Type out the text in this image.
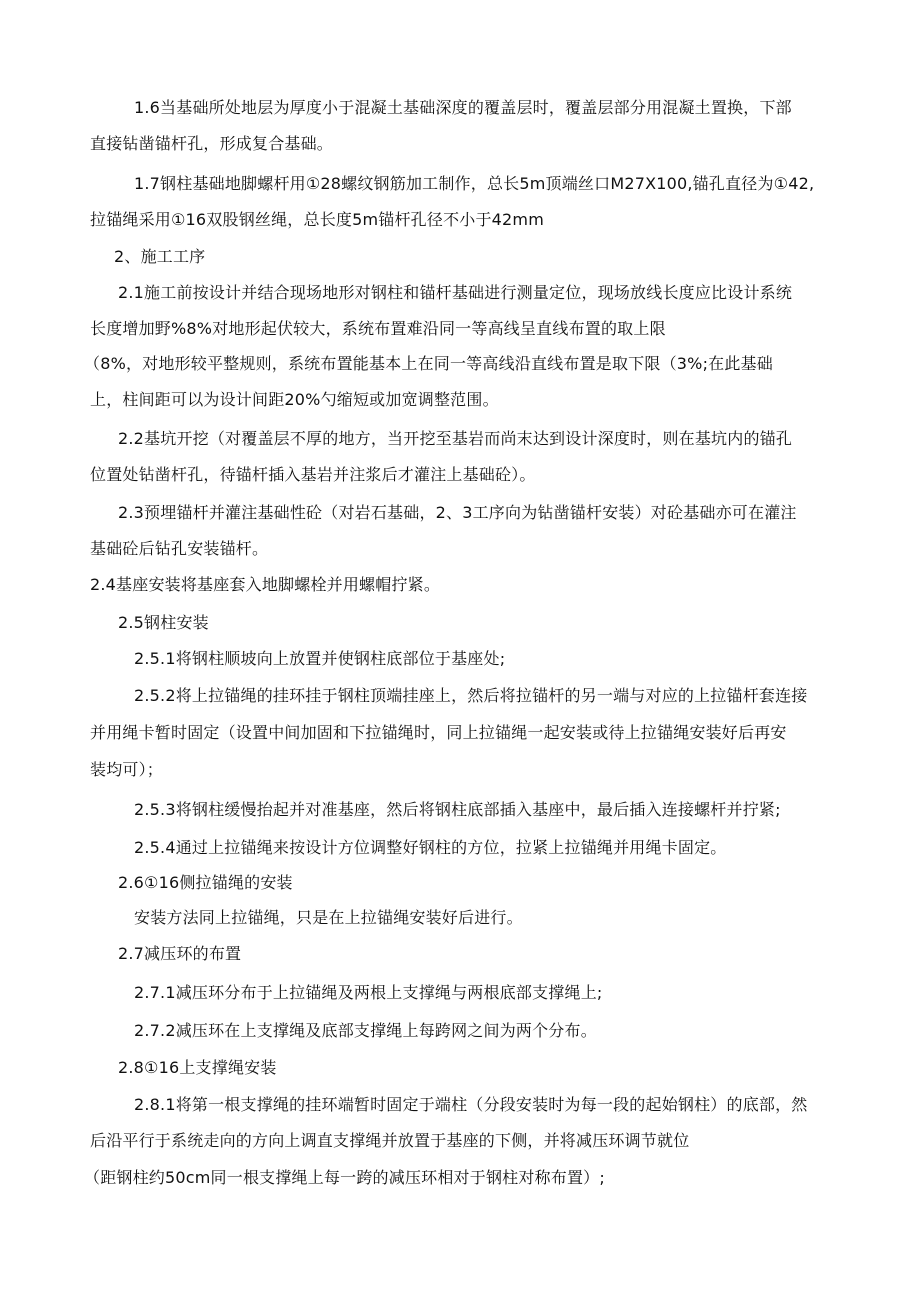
1.6当基础所处地层为厚度小于混凝土基础深度的覆盖层时，覆盖层部分用混凝土置换，下部
直接钻凿锚杆孔，形成复合基础。
1.7钢柱基础地脚螺杆用①28螺纹钢筋加工制作，总长5m顶端丝口M27X100,锚孔直径为①42,
拉锚绳采用①16双股钢丝绳，总长度5m锚杆孔径不小于42mm
2、施工工序
2.1施工前按设计并结合现场地形对钢柱和锚杆基础进行测量定位，现场放线长度应比设计系统
长度增加野%8%对地形起伏较大，系统布置难沿同一等高线呈直线布置的取上限
（8%，对地形较平整规则，系统布置能基本上在同一等高线沿直线布置是取下限（3%;在此基础
上，柱间距可以为设计间距20%勺缩短或加宽调整范围。
2.2基坑开挖（对覆盖层不厚的地方，当开挖至基岩而尚末达到设计深度时，则在基坑内的锚孔
位置处钻凿杆孔，待锚杆插入基岩并注浆后才灌注上基础砼）。
2.3预埋锚杆并灌注基础性砼（对岩石基础，2、3工序向为钻凿锚杆安装）对砼基础亦可在灌注
基础砼后钻孔安装锚杆。
2.4基座安装将基座套入地脚螺栓并用螺帽拧紧。
2.5钢柱安装
2.5.1将钢柱顺坡向上放置并使钢柱底部位于基座处;
2.5.2将上拉锚绳的挂环挂于钢柱顶端挂座上，然后将拉锚杆的另一端与对应的上拉锚杆套连接
并用绳卡暂时固定（设置中间加固和下拉锚绳时，同上拉锚绳一起安装或待上拉锚绳安装好后再安
装均可）；
2.5.3将钢柱缓慢抬起并对准基座，然后将钢柱底部插入基座中，最后插入连接螺杆并拧紧;
2.5.4通过上拉锚绳来按设计方位调整好钢柱的方位，拉紧上拉锚绳并用绳卡固定。
2.6①16侧拉锚绳的安装
安装方法同上拉锚绳，只是在上拉锚绳安装好后进行。
2.7减压环的布置
2.7.1减压环分布于上拉锚绳及两根上支撑绳与两根底部支撑绳上;
2.7.2减压环在上支撑绳及底部支撑绳上每跨网之间为两个分布。
2.8①16上支撑绳安装
2.8.1将第一根支撑绳的挂环端暂时固定于端柱（分段安装时为每一段的起始钢柱）的底部，然
后沿平行于系统走向的方向上调直支撑绳并放置于基座的下侧，并将减压环调节就位
（距钢柱约50cm同一根支撑绳上每一跨的减压环相对于钢柱对称布置）;
